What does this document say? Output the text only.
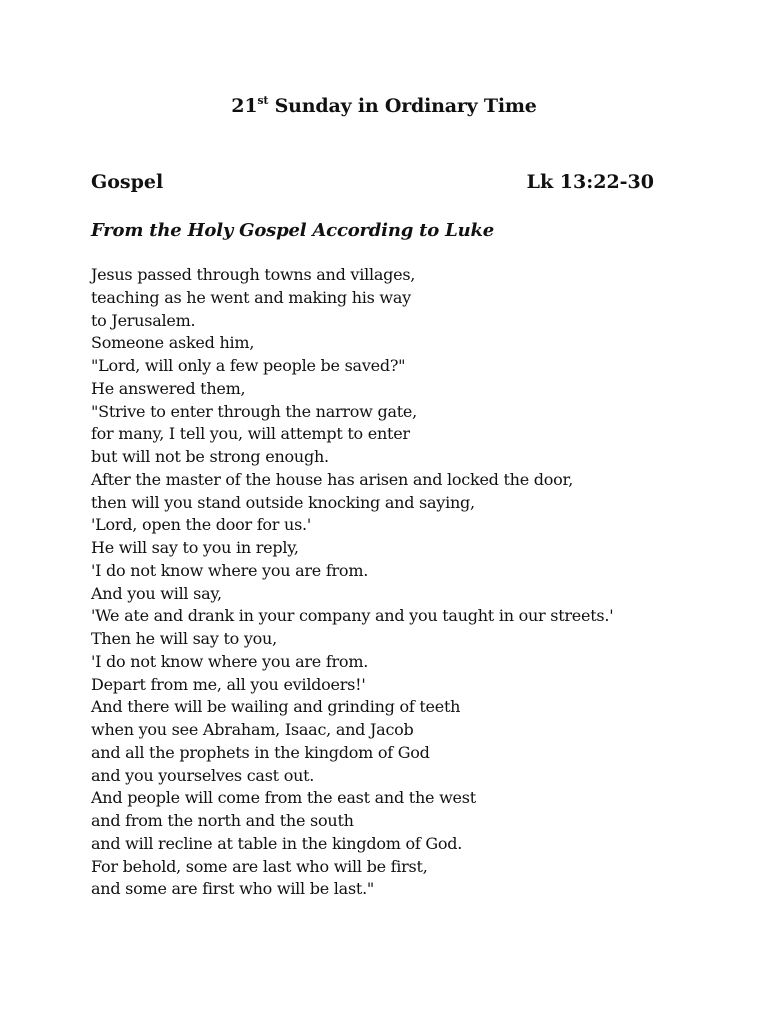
21st Sunday in Ordinary Time
Gospel	Lk 13:22-30
From the Holy Gospel According to Luke
Jesus passed through towns and villages,
teaching as he went and making his way
to Jerusalem.
Someone asked him,
"Lord, will only a few people be saved?"
He answered them,
"Strive to enter through the narrow gate,
for many, I tell you, will attempt to enter
but will not be strong enough.
After the master of the house has arisen and locked the door,
then will you stand outside knocking and saying,
'Lord, open the door for us.'
He will say to you in reply,
'I do not know where you are from.
And you will say,
'We ate and drank in your company and you taught in our streets.'
Then he will say to you,
'I do not know where you are from.
Depart from me, all you evildoers!'
And there will be wailing and grinding of teeth
when you see Abraham, Isaac, and Jacob
and all the prophets in the kingdom of God
and you yourselves cast out.
And people will come from the east and the west
and from the north and the south
and will recline at table in the kingdom of God.
For behold, some are last who will be first,
and some are first who will be last."
